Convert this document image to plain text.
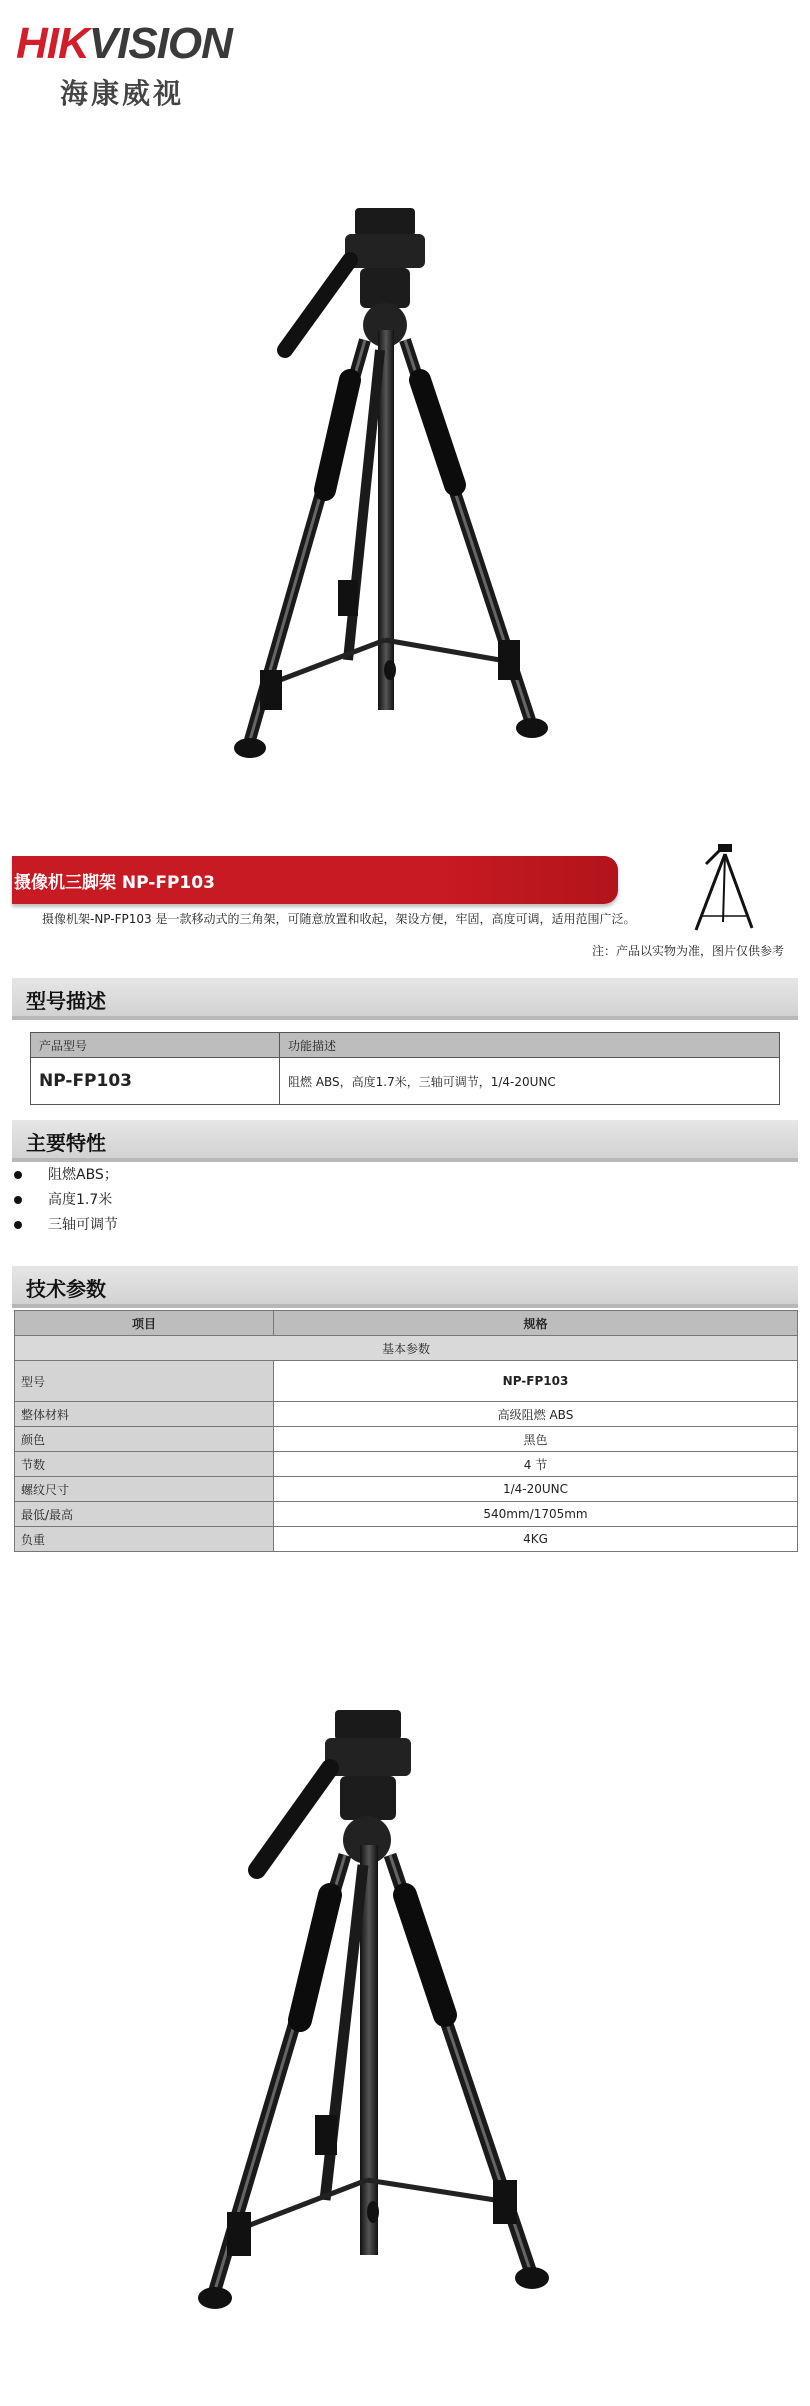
HIKVISION
海康威视
摄像机三脚架 NP-FP103
摄像机架-NP-FP103 是一款移动式的三角架，可随意放置和收起，架设方便，牢固，高度可调，适用范围广泛。
注：产品以实物为准，图片仅供参考
型号描述
产品型号	功能描述
NP-FP103	阻燃 ABS，高度1.7米，三轴可调节，1/4-20UNC
主要特性
阻燃ABS；
高度1.7米
三轴可调节
技术参数
项目	规格
基本参数	
型号	NP-FP103
整体材料	高级阻燃 ABS
颜色	黑色
节数	4 节
螺纹尺寸	1/4-20UNC
最低/最高	540mm/1705mm
负重	4KG
